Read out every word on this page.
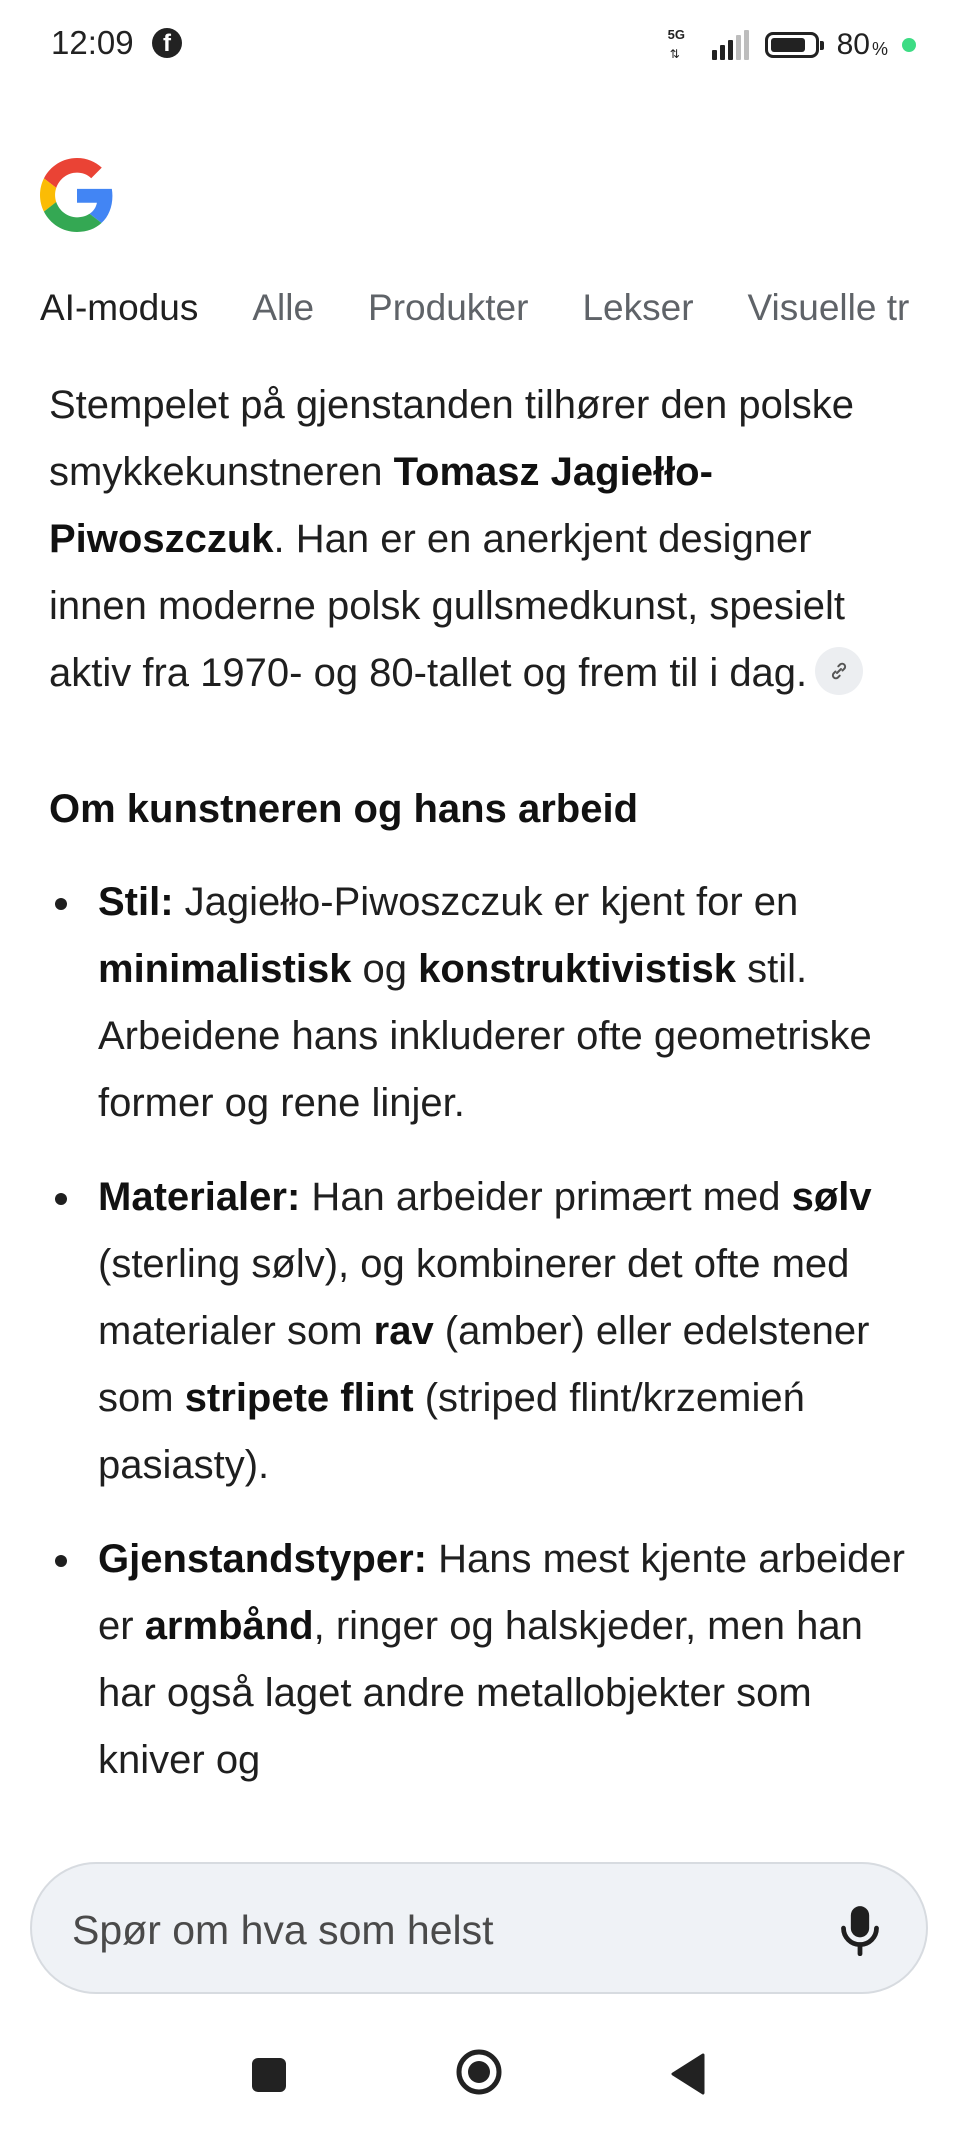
12:09	f	5G
⇅	80 %
AI-modus Alle Produkter Lekser Visuelle tr

Stempelet på gjenstanden tilhører den polske smykkekunstneren Tomasz Jagiełło-Piwoszczuk. Han er en anerkjent designer innen moderne polsk gullsmedkunst, spesielt aktiv fra 1970- og 80-tallet og frem til i dag.

Om kunstneren og hans arbeid
Stil: Jagiełło-Piwoszczuk er kjent for en minimalistisk og konstruktivistisk stil. Arbeidene hans inkluderer ofte geometriske former og rene linjer.
Materialer: Han arbeider primært med sølv (sterling sølv), og kombinerer det ofte med materialer som rav (amber) eller edelstener som stripete flint (striped flint/krzemień pasiasty).
Gjenstandstyper: Hans mest kjente arbeider er armbånd, ringer og halskjeder, men han har også laget andre metallobjekter som kniver og
Spør om hva som helst
